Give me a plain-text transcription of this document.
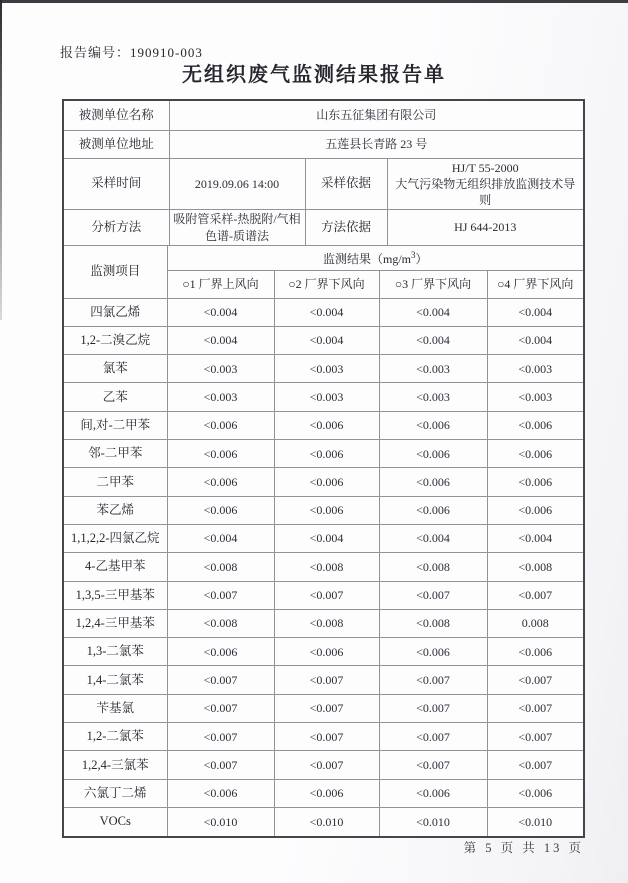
报告编号：190910-003
无组织废气监测结果报告单
被测单位名称	山东五征集团有限公司		
被测单位地址	五莲县长青路 23 号		
采样时间	2019.09.06 14:00	采样依据	HJ/T 55-2000
大气污染物无组织排放监测技术导则

分析方法	吸附管采样-热脱附/气相色谱-质谱法	方法依据	HJ 644-2013
监测项目	监测结果$(mg/m^3)$			
	○1 厂界上风向	○2 厂界下风向	○3 厂界下风向	○4 厂界下风向
四氯乙烯	<0.004	<0.004	<0.004	<0.004
1,2-二溴乙烷	<0.004	<0.004	<0.004	<0.004
氯苯	<0.003	<0.003	<0.003	<0.003
乙苯	<0.003	<0.003	<0.003	<0.003
间,对-二甲苯	<0.006	<0.006	<0.006	<0.006
邻-二甲苯	<0.006	<0.006	<0.006	<0.006
二甲苯	<0.006	<0.006	<0.006	<0.006
苯乙烯	<0.006	<0.006	<0.006	<0.006
1,1,2,2-四氯乙烷	<0.004	<0.004	<0.004	<0.004
4-乙基甲苯	<0.008	<0.008	<0.008	<0.008
1,3,5-三甲基苯	<0.007	<0.007	<0.007	<0.007
1,2,4-三甲基苯	<0.008	<0.008	<0.008	0.008
1,3-二氯苯	<0.006	<0.006	<0.006	<0.006
1,4-二氯苯	<0.007	<0.007	<0.007	<0.007
苄基氯	<0.007	<0.007	<0.007	<0.007
1,2-二氯苯	<0.007	<0.007	<0.007	<0.007
1,2,4-三氯苯	<0.007	<0.007	<0.007	<0.007
六氯丁二烯	<0.006	<0.006	<0.006	<0.006
VOCs	<0.010	<0.010	<0.010	<0.010
第 5 页 共 13 页
